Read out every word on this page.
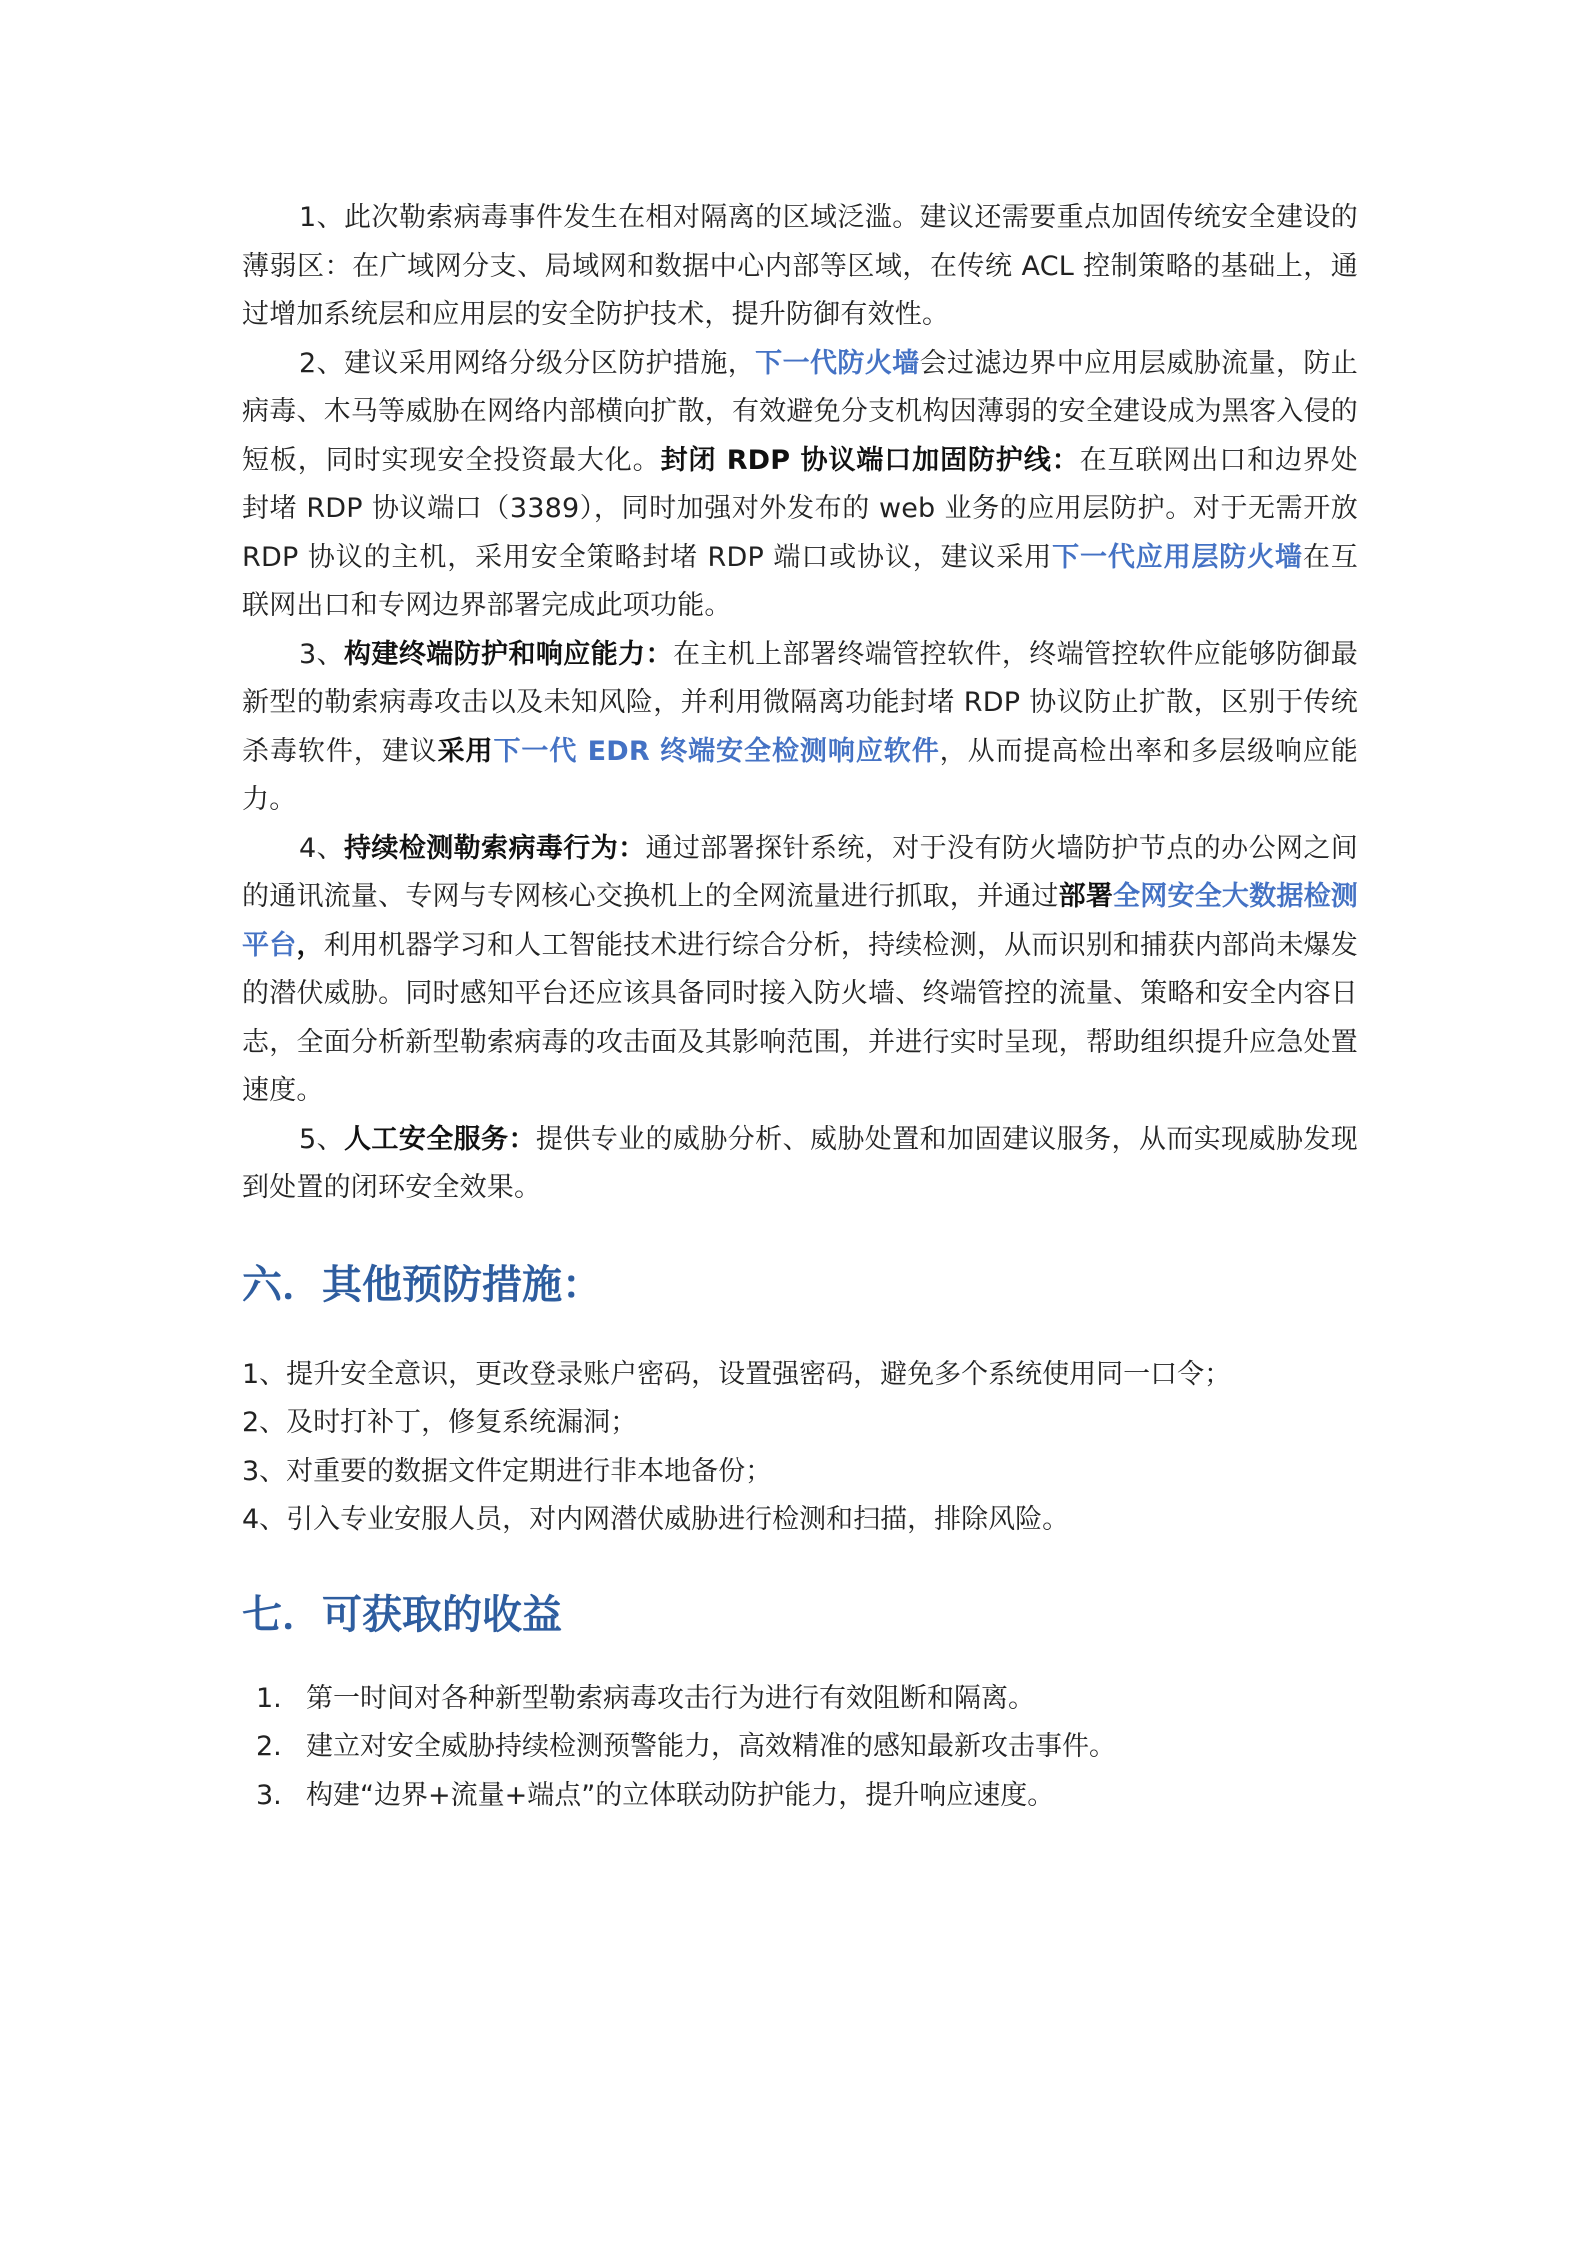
1、此次勒索病毒事件发生在相对隔离的区域泛滥。建议还需要重点加固传统安全建设的薄弱区：在广域网分支、局域网和数据中心内部等区域，在传统 ACL 控制策略的基础上，通过增加系统层和应用层的安全防护技术，提升防御有效性。

2、建议采用网络分级分区防护措施，下一代防火墙会过滤边界中应用层威胁流量，防止病毒、木马等威胁在网络内部横向扩散，有效避免分支机构因薄弱的安全建设成为黑客入侵的短板，同时实现安全投资最大化。封闭 RDP 协议端口加固防护线：在互联网出口和边界处封堵 RDP 协议端口（3389），同时加强对外发布的 web 业务的应用层防护。对于无需开放 RDP 协议的主机，采用安全策略封堵 RDP 端口或协议，建议采用下一代应用层防火墙在互联网出口和专网边界部署完成此项功能。

3、构建终端防护和响应能力：在主机上部署终端管控软件，终端管控软件应能够防御最新型的勒索病毒攻击以及未知风险，并利用微隔离功能封堵 RDP 协议防止扩散，区别于传统杀毒软件，建议采用下一代 EDR 终端安全检测响应软件，从而提高检出率和多层级响应能力。

4、持续检测勒索病毒行为：通过部署探针系统，对于没有防火墙防护节点的办公网之间的通讯流量、专网与专网核心交换机上的全网流量进行抓取，并通过部署全网安全大数据检测平台，利用机器学习和人工智能技术进行综合分析，持续检测，从而识别和捕获内部尚未爆发的潜伏威胁。同时感知平台还应该具备同时接入防火墙、终端管控的流量、策略和安全内容日志，全面分析新型勒索病毒的攻击面及其影响范围，并进行实时呈现，帮助组织提升应急处置速度。

5、人工安全服务：提供专业的威胁分析、威胁处置和加固建议服务，从而实现威胁发现到处置的闭环安全效果。

六．其他预防措施：

1、提升安全意识，更改登录账户密码，设置强密码，避免多个系统使用同一口令；

2、及时打补丁，修复系统漏洞；

3、对重要的数据文件定期进行非本地备份；

4、引入专业安服人员，对内网潜伏威胁进行检测和扫描，排除风险。

七．可获取的收益
1. 第一时间对各种新型勒索病毒攻击行为进行有效阻断和隔离。
2. 建立对安全威胁持续检测预警能力，高效精准的感知最新攻击事件。
3. 构建“边界+流量+端点”的立体联动防护能力，提升响应速度。
